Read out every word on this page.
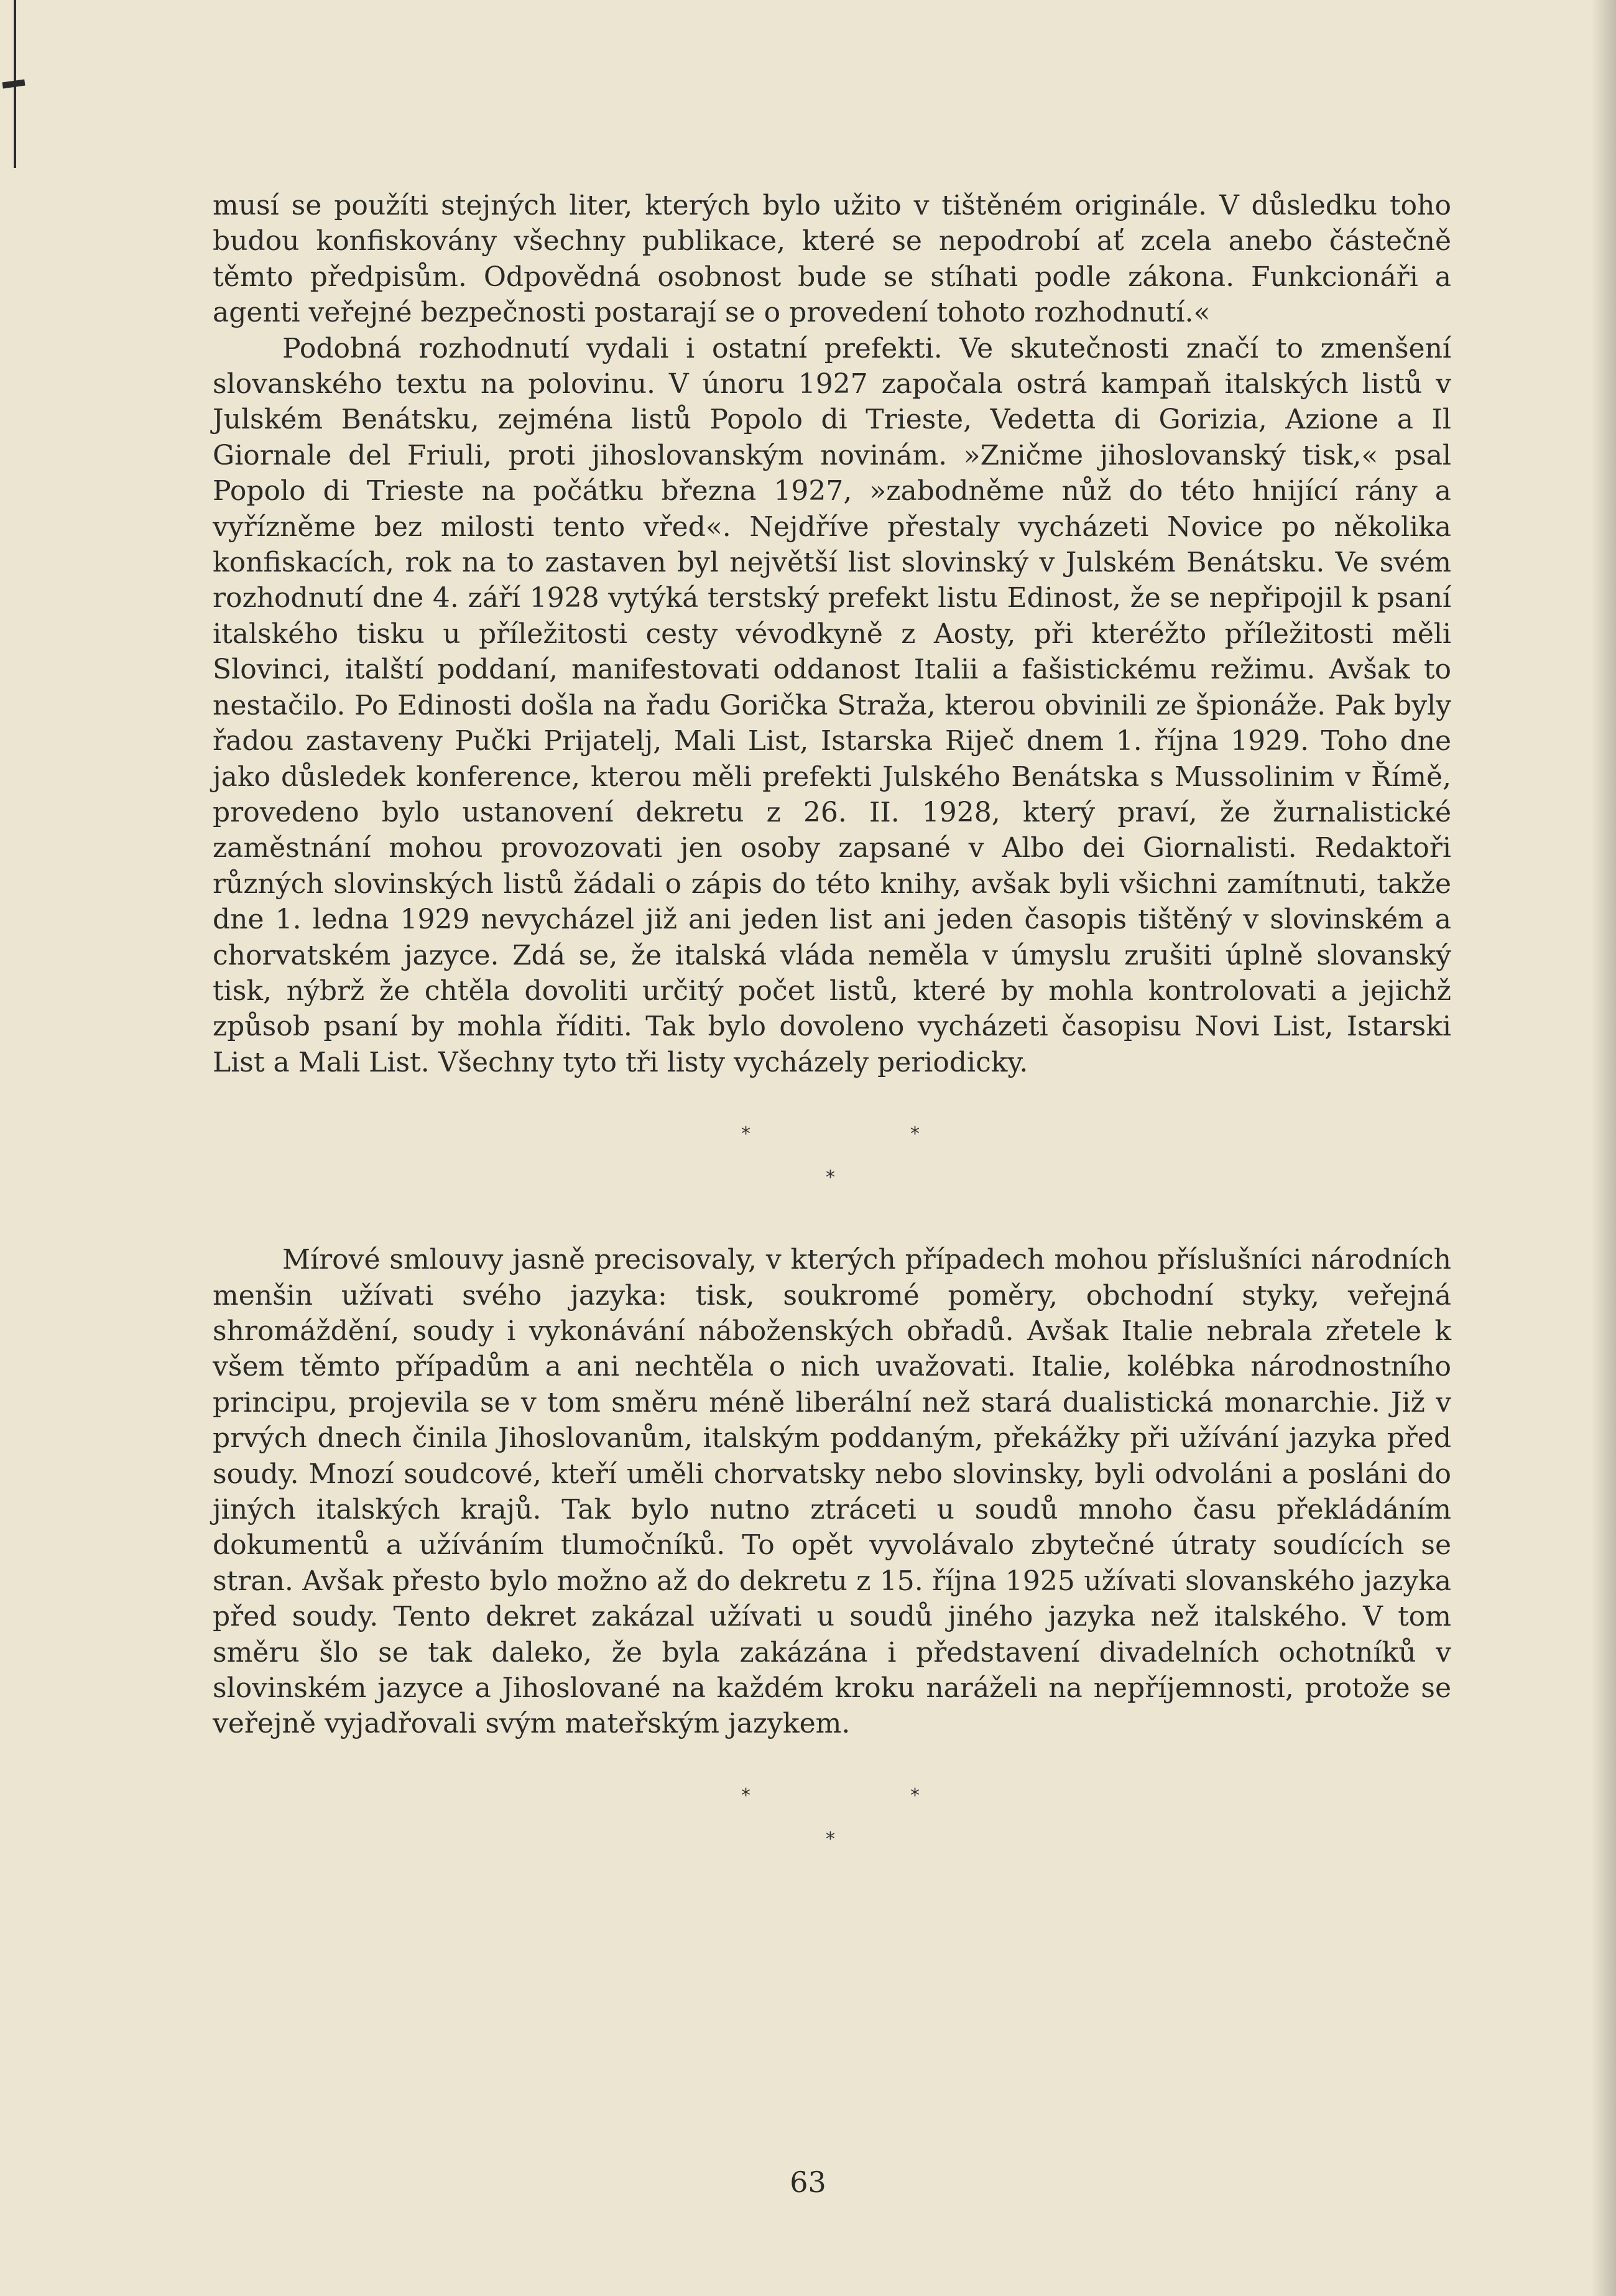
musí se použíti stejných liter, kterých bylo užito v tištěném originále. V důsledku toho budou konfiskovány všechny publikace, které se nepodrobí ať zcela anebo částečně těmto předpisům. Odpovědná osobnost bude se stíhati podle zákona. Funkcionáři a agenti veřejné bezpečnosti postarají se o provedení tohoto rozhodnutí.«

Podobná rozhodnutí vydali i ostatní prefekti. Ve skutečnosti značí to zmenšení slovanského textu na polovinu. V únoru 1927 započala ostrá kampaň italských listů v Julském Benátsku, zejména listů Popolo di Trieste, Vedetta di Gorizia, Azione a Il Giornale del Friuli, proti jihoslovanským novinám. »Zničme jihoslovanský tisk,« psal Popolo di Trieste na počátku března 1927, »zabodněme nůž do této hnijící rány a vyřízněme bez milosti tento vřed«. Nejdříve přestaly vycházeti Novice po několika konfiskacích, rok na to zastaven byl největší list slovinský v Julském Benátsku. Ve svém rozhodnutí dne 4. září 1928 vytýká terstský prefekt listu Edinost, že se nepřipojil k psaní italského tisku u příležitosti cesty vévodkyně z Aosty, při kteréžto příležitosti měli Slovinci, italští poddaní, manifestovati oddanost Italii a fašistickému režimu. Avšak to nestačilo. Po Edinosti došla na řadu Gorička Straža, kterou obvinili ze špionáže. Pak byly řadou zastaveny Pučki Prijatelj, Mali List, Istarska Riječ dnem 1. října 1929. Toho dne jako důsledek konference, kterou měli prefekti Julského Benátska s Mussolinim v Římě, provedeno bylo ustanovení dekretu z 26. II. 1928, který praví, že žurnalistické zaměstnání mohou provozovati jen osoby zapsané v Albo dei Giornalisti. Redaktoři různých slovinských listů žádali o zápis do této knihy, avšak byli všichni zamítnuti, takže dne 1. ledna 1929 nevycházel již ani jeden list ani jeden časopis tištěný v slovinském a chorvatském jazyce. Zdá se, že italská vláda neměla v úmyslu zrušiti úplně slovanský tisk, nýbrž že chtěla dovoliti určitý počet listů, které by mohla kontrolovati a jejichž způsob psaní by mohla říditi. Tak bylo dovoleno vycházeti časopisu Novi List, Istarski List a Mali List. Všechny tyto tři listy vycházely periodicky.

*	*
*

Mírové smlouvy jasně precisovaly, v kterých případech mohou příslušníci národních menšin užívati svého jazyka: tisk, soukromé poměry, obchodní styky, veřejná shromáždění, soudy i vykonávání náboženských obřadů. Avšak Italie nebrala zřetele k všem těmto případům a ani nechtěla o nich uvažovati. Italie, kolébka národnostního principu, projevila se v tom směru méně liberální než stará dualistická monarchie. Již v prvých dnech činila Jihoslovanům, italským poddaným, překážky při užívání jazyka před soudy. Mnozí soudcové, kteří uměli chorvatsky nebo slovinsky, byli odvoláni a posláni do jiných italských krajů. Tak bylo nutno ztráceti u soudů mnoho času překládáním dokumentů a užíváním tlumočníků. To opět vyvolávalo zbytečné útraty soudících se stran. Avšak přesto bylo možno až do dekretu z 15. října 1925 užívati slovanského jazyka před soudy. Tento dekret zakázal užívati u soudů jiného jazyka než italského. V tom směru šlo se tak daleko, že byla zakázána i představení divadelních ochotníků v slovinském jazyce a Jihoslované na každém kroku naráželi na nepříjemnosti, protože se veřejně vyjadřovali svým mateřským jazykem.

*	*
*
63
